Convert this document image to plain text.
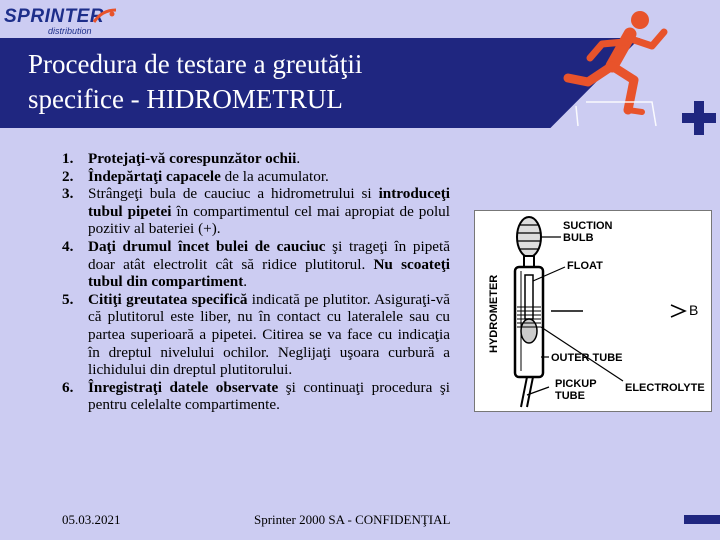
SPRINTER
distribution
Procedura de testare a greutăţii
specifice - HIDROMETRUL
1. Protejaţi-vă corespunzător ochii.
2. Îndepărtaţi capacele de la acumulator.
3. Strângeţi bula de cauciuc a hidrometrului si introduceţi tubul pipetei în compartimentul cel mai apropiat de polul pozitiv al bateriei (+).
4. Daţi drumul încet bulei de cauciuc şi trageţi în pipetă doar atât electrolit cât să ridice plutitorul. Nu scoateţi tubul din compartiment.
5. Citiţi greutatea specifică indicată pe plutitor. Asiguraţi-vă că plutitorul este liber, nu în contact cu lateralele sau cu partea superioară a pipetei. Citirea se va face cu indicaţia în dreptul nivelului ochilor. Neglijaţi uşoara curbură a lichidului din dreptul plutitorului.
6. Înregistraţi datele observate şi continuaţi procedura şi pentru celelalte compartimente.
HYDROMETER	B
SUCTION BULB
FLOAT
OUTER TUBE
PICKUP TUBE
ELECTROLYTE
05.03.2021	Sprinter 2000 SA - CONFIDENŢIAL
